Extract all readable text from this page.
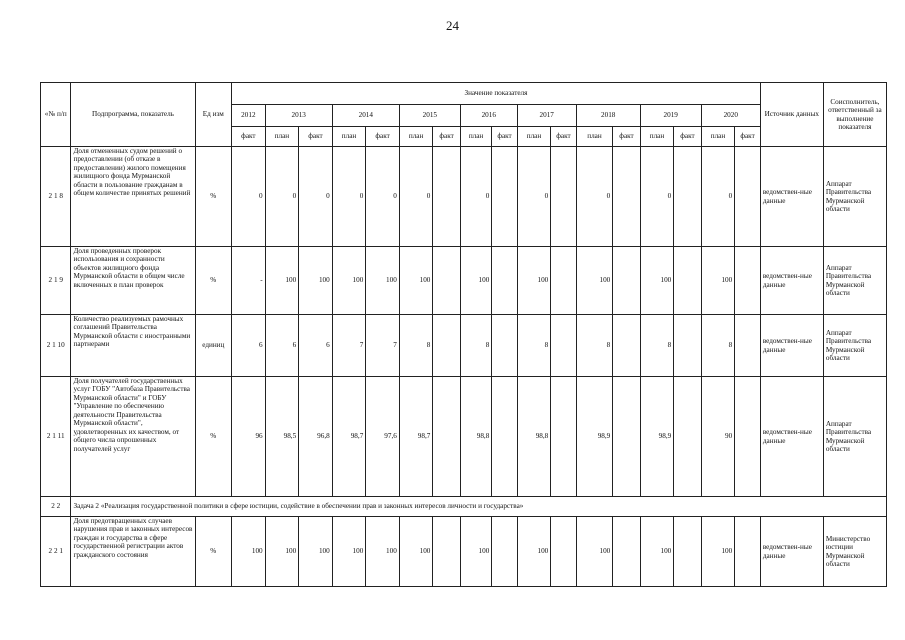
24
«№ п/п	Подпрограмма, показатель	Ед изм	Значение показателя																	Источник данных	Соисполнитель, ответственный за выполнение показателя
			2012	2013		2014		2015		2016		2017		2018		2019		2020			
			факт	план	факт	план	факт	план	факт	план	факт	план	факт	план	факт	план	факт	план	факт		
2 1 8	Доля отмененных судом решений о предоставлении (об отказе в предоставлении) жилого помещения жилищного фонда Мурманской области в пользование гражданам в общем количестве принятых решений	%	0	0	0	0	0	0		0		0		0		0		0		ведомствен-ные данные	Аппарат Правительства Мурманской области
2 1 9	Доля проведенных проверок использования и сохранности объектов жилищного фонда Мурманской области в общем числе включенных в план проверок	%	-	100	100	100	100	100		100		100		100		100		100		ведомствен-ные данные	Аппарат Правительства Мурманской области
2 1 10	Количество реализуемых рамочных соглашений Правительства Мурманской области с иностранными партнерами	единиц	6	6	6	7	7	8		8		8		8		8		8		ведомствен-ные данные	Аппарат Правительства Мурманской области
2 1 11	Доля получателей государственных услуг ГОБУ "Автобаза Правительства Мурманской области" и ГОБУ "Управление по обеспечению деятельности Правительства Мурманской области", удовлетворенных их качеством, от общего числа опрошенных получателей услуг	%	96	98,5	96,8	98,7	97,6	98,7		98,8		98,8		98,9		98,9		90		ведомствен-ные данные	Аппарат Правительства Мурманской области
2 2	Задача 2 «Реализация государственной политики в сфере юстиции, содействие в обеспечении прав и законных интересов личности и государства»																				
2 2 1	Доля предотвращенных случаев нарушения прав и законных интересов граждан и государства в сфере государственной регистрации актов гражданского состояния	%	100	100	100	100	100	100		100		100		100		100		100		ведомствен-ные данные	Министерство юстиции Мурманской области
